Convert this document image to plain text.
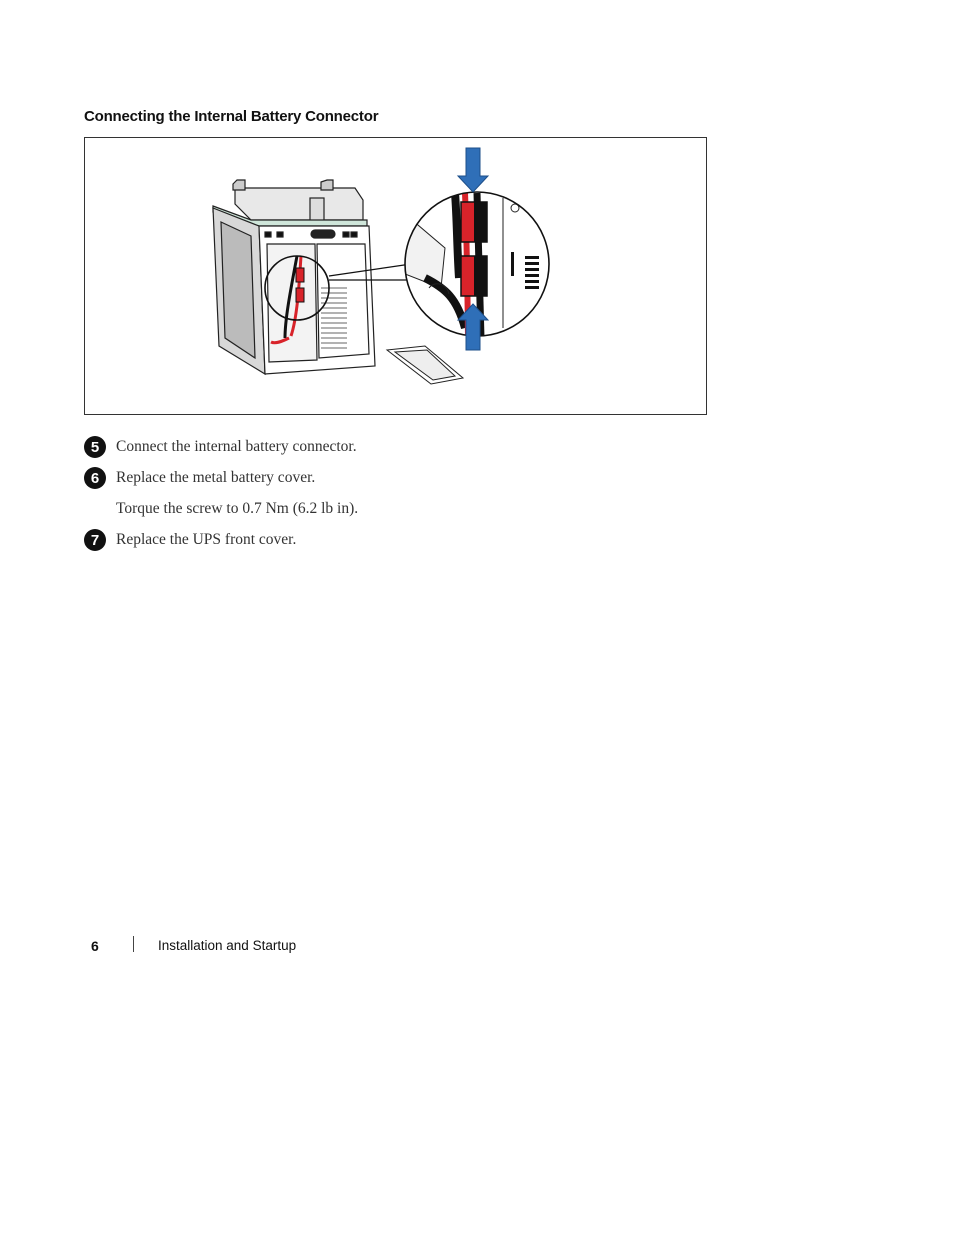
Connecting the Internal Battery Connector
5	Connect the internal battery connector.
6	Replace the metal battery cover.
Torque the screw to 0.7 Nm (6.2 lb in).
7	Replace the UPS front cover.
6	Installation and Startup
